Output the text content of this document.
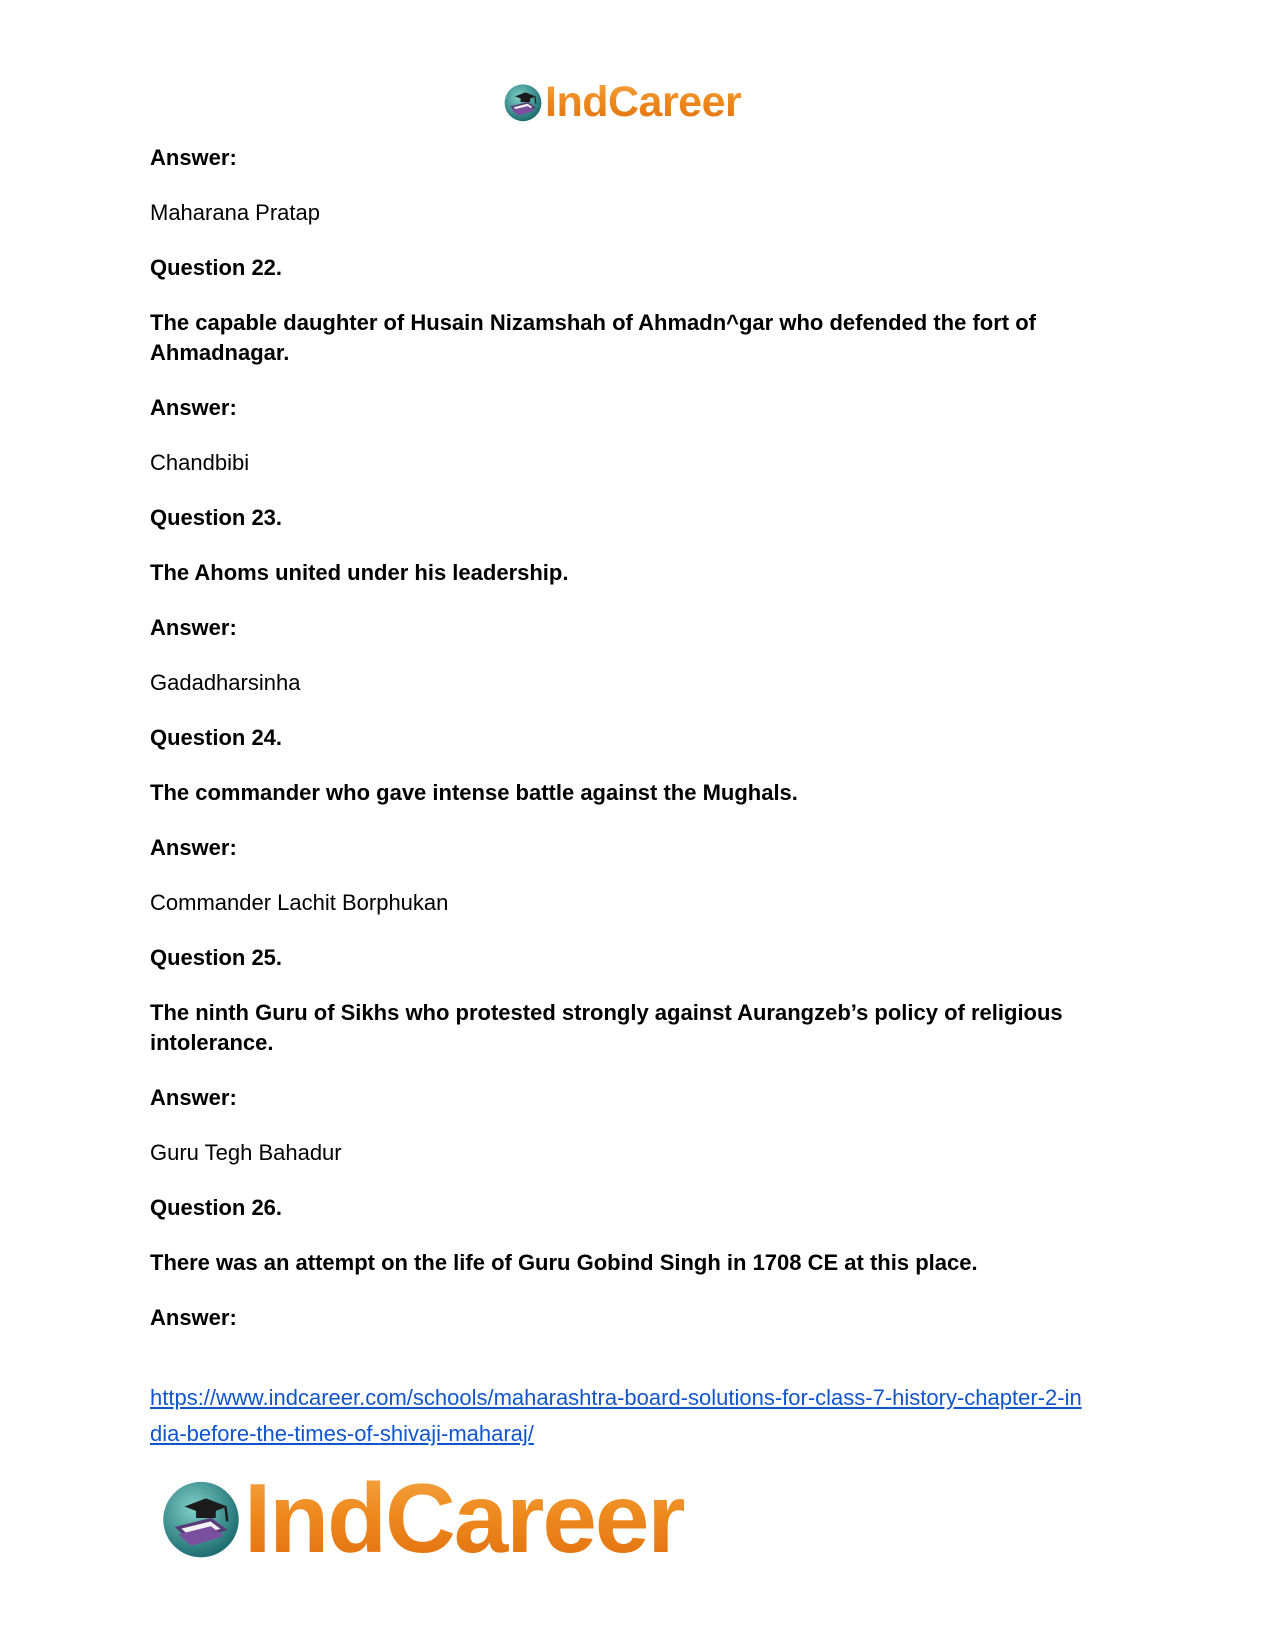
IndCareer

Answer:

Maharana Pratap

Question 22.

The capable daughter of Husain Nizamshah of Ahmadn^gar who defended the fort of Ahmadnagar.

Answer:

Chandbibi

Question 23.

The Ahoms united under his leadership.

Answer:

Gadadharsinha

Question 24.

The commander who gave intense battle against the Mughals.

Answer:

Commander Lachit Borphukan

Question 25.

The ninth Guru of Sikhs who protested strongly against Aurangzeb’s policy of religious intolerance.

Answer:

Guru Tegh Bahadur

Question 26.

There was an attempt on the life of Guru Gobind Singh in 1708 CE at this place.

Answer:

https://www.indcareer.com/schools/maharashtra-board-solutions-for-class-7-history-chapter-2-in
dia-before-the-times-of-shivaji-maharaj/
IndCareer
